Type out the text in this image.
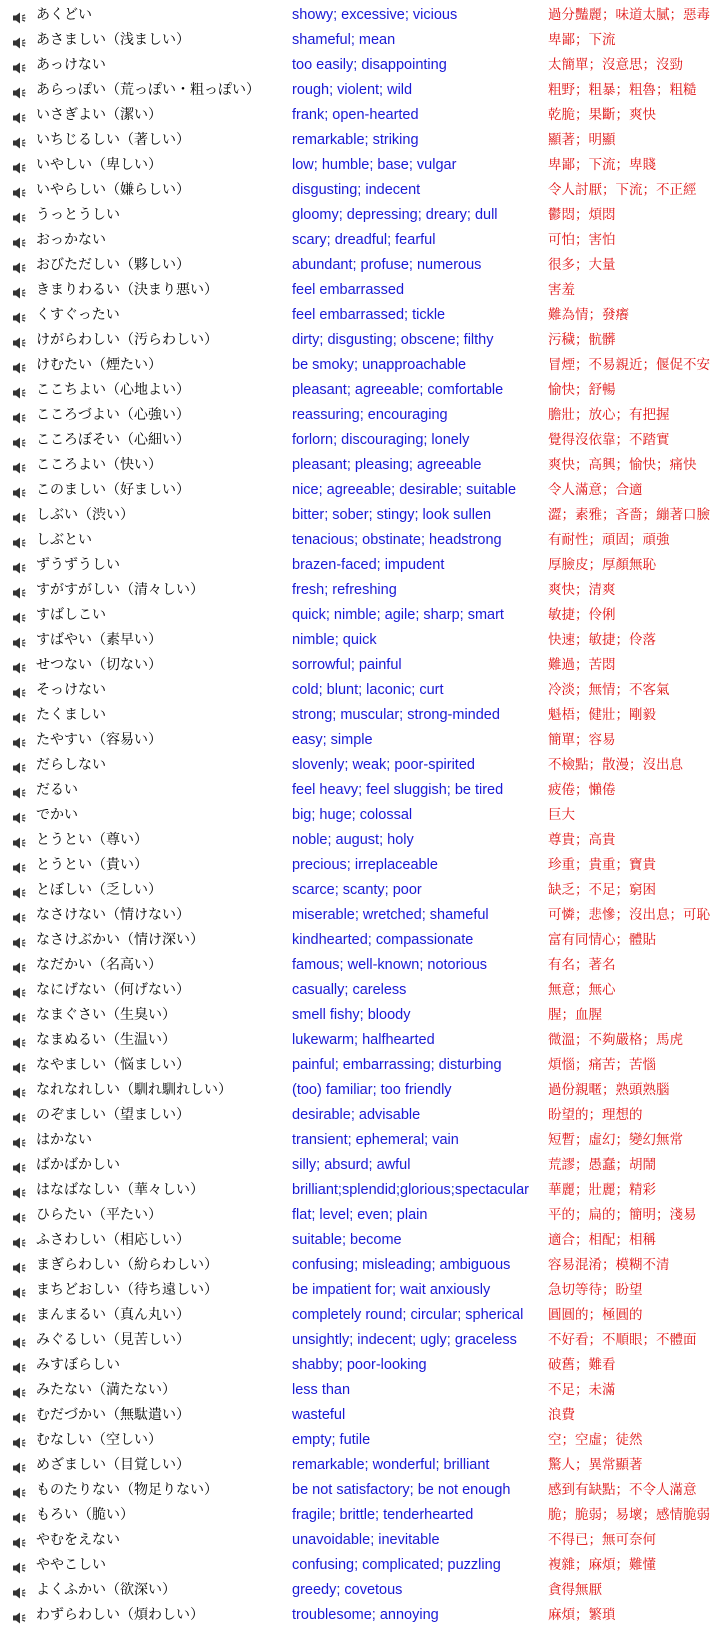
あくどい	showy; excessive; vicious	過分豔麗；味道太膩；惡毒
あさましい（浅ましい）	shameful; mean	卑鄙；下流
あっけない	too easily; disappointing	太簡單；沒意思；沒勁
あらっぽい（荒っぽい・粗っぽい） rough; violent; wild	粗野；粗暴；粗魯；粗糙
いさぎよい（潔い）	frank; open-hearted	乾脆；果斷；爽快
いちじるしい（著しい）	remarkable; striking	顯著；明顯
いやしい（卑しい）	low; humble; base; vulgar	卑鄙；下流；卑賤
いやらしい（嫌らしい）	disgusting; indecent	令人討厭；下流；不正經
うっとうしい	gloomy; depressing; dreary; dull	鬱悶；煩悶
おっかない	scary; dreadful; fearful	可怕；害怕
おびただしい（夥しい）	abundant; profuse; numerous	很多；大量
きまりわるい（決まり悪い）	feel embarrassed	害羞
くすぐったい	feel embarrassed; tickle	難為情；發癢
けがらわしい（汚らわしい）	dirty; disgusting; obscene; filthy	污穢；骯髒
けむたい（煙たい）	be smoky; unapproachable	冒煙；不易親近；偃促不安
ここちよい（心地よい）	pleasant; agreeable; comfortable	愉快；舒暢
こころづよい（心強い）	reassuring; encouraging	膽壯；放心；有把握
こころぼそい（心細い）	forlorn; discouraging; lonely	覺得沒依靠；不踏實
こころよい（快い）	pleasant; pleasing; agreeable	爽快；高興；愉快；痛快
このましい（好ましい）	nice; agreeable; desirable; suitable 令人滿意；合適
しぶい（渋い）	bitter; sober; stingy; look sullen	澀；素雅；吝嗇；繃著口臉
しぶとい	tenacious; obstinate; headstrong	有耐性；頑固；頑強
ずうずうしい	brazen-faced; impudent	厚臉皮；厚顏無恥
すがすがしい（清々しい）	fresh; refreshing	爽快；清爽
すばしこい	quick; nimble; agile; sharp; smart	敏捷；伶俐
すばやい（素早い）	nimble; quick	快速；敏捷；伶落
せつない（切ない）	sorrowful; painful	難過；苦悶
そっけない	cold; blunt; laconic; curt	冷淡；無情；不客氣
たくましい	strong; muscular; strong-minded	魁梧；健壯；剛毅
たやすい（容易い）	easy; simple	簡單；容易
だらしない	slovenly; weak; poor-spirited	不檢點；散漫；沒出息
だるい	feel heavy; feel sluggish; be tired	疲倦；懶倦
でかい	big; huge; colossal	巨大
とうとい（尊い）	noble; august; holy	尊貴；高貴
とうとい（貴い）	precious; irreplaceable	珍重；貴重；寶貴
とぼしい（乏しい）	scarce; scanty; poor	缺乏；不足；窮困
なさけない（情けない）	miserable; wretched; shameful	可憐；悲慘；沒出息；可恥
なさけぶかい（情け深い）	kindhearted; compassionate	富有同情心；體貼
なだかい（名高い）	famous; well-known; notorious	有名；著名
なにげない（何げない）	casually; careless	無意；無心
なまぐさい（生臭い）	smell fishy; bloody	腥；血腥
なまぬるい（生温い）	lukewarm; halfhearted	微溫；不夠嚴格；馬虎
なやましい（悩ましい）	painful; embarrassing; disturbing	煩惱；痛苦；苦惱
なれなれしい（馴れ馴れしい）	(too) familiar; too friendly	過份親暱；熟頭熟腦
のぞましい（望ましい）	desirable; advisable	盼望的；理想的
はかない	transient; ephemeral; vain	短暫；虛幻；變幻無常
ばかばかしい	silly; absurd; awful	荒謬；愚蠢；胡鬧
はなばなしい（華々しい）	brilliant;splendid;glorious;spectacular 華麗；壯麗；精彩
ひらたい（平たい）	flat; level; even; plain	平的；扁的；簡明；淺易
ふさわしい（相応しい）	suitable; become	適合；相配；相稱
まぎらわしい（紛らわしい）	confusing; misleading; ambiguous	容易混淆；模糊不清
まちどおしい（待ち遠しい）	be impatient for; wait anxiously	急切等待；盼望
まんまるい（真ん丸い）	completely round; circular; spherical 圓圓的；極圓的
みぐるしい（見苦しい）	unsightly; indecent; ugly; graceless 不好看；不順眼；不體面
みすぼらしい	shabby; poor-looking	破舊；難看
みたない（満たない）	less than	不足；未滿
むだづかい（無駄遣い）	wasteful	浪費
むなしい（空しい）	empty; futile	空；空虛；徒然
めざましい（目覚しい）	remarkable; wonderful; brilliant	驚人；異常顯著
ものたりない（物足りない）	be not satisfactory; be not enough	感到有缺點；不令人滿意
もろい（脆い）	fragile; brittle; tenderhearted	脆；脆弱；易壞；感情脆弱
やむをえない	unavoidable; inevitable	不得已；無可奈何
ややこしい	confusing; complicated; puzzling	複雜；麻煩；難懂
よくふかい（欲深い）	greedy; covetous	貪得無厭
わずらわしい（煩わしい）	troublesome; annoying	麻煩；繁瑣
